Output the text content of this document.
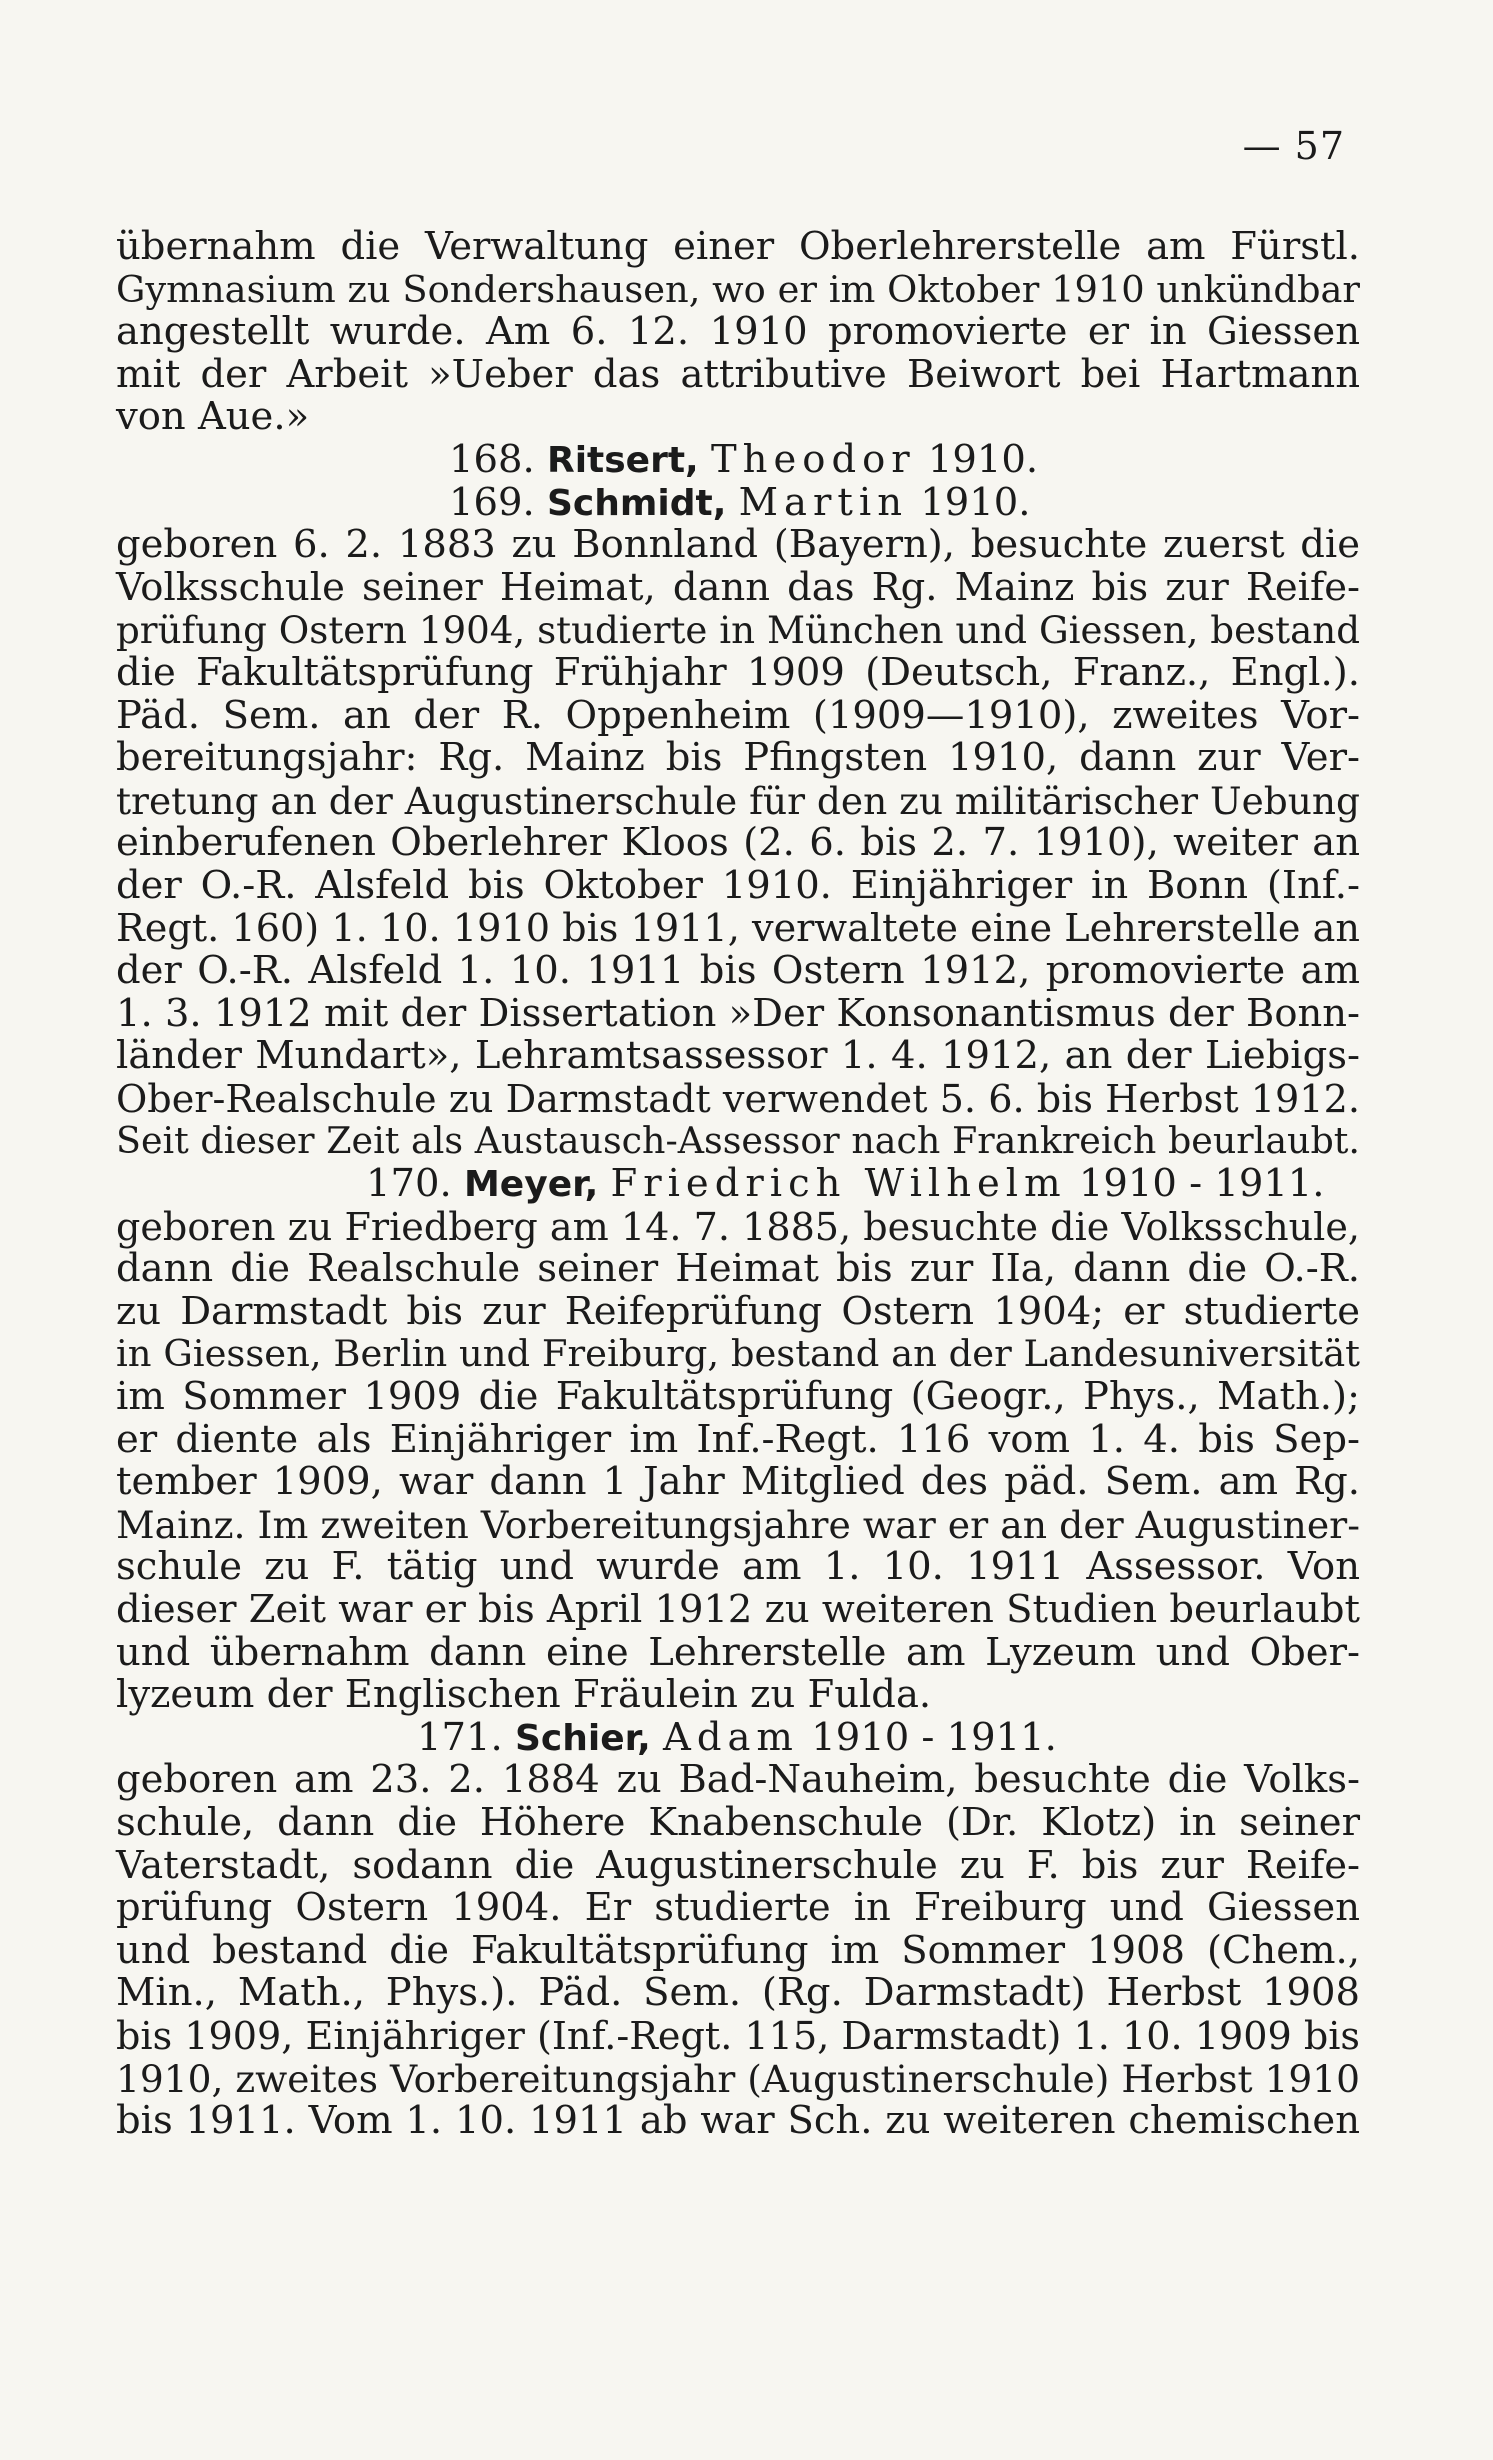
— 57
übernahm die Verwaltung einer Oberlehrerstelle am Fürstl.
Gymnasium zu Sondershausen, wo er im Oktober 1910 unkündbar
angestellt wurde. Am 6. 12. 1910 promovierte er in Giessen
mit der Arbeit »Ueber das attributive Beiwort bei Hartmann
von Aue.»
168. Ritsert, Theodor 1910.
169. Schmidt, Martin 1910.
geboren 6. 2. 1883 zu Bonnland (Bayern), besuchte zuerst die
Volksschule seiner Heimat, dann das Rg. Mainz bis zur Reife-
prüfung Ostern 1904, studierte in München und Giessen, bestand
die Fakultätsprüfung Frühjahr 1909 (Deutsch, Franz., Engl.).
Päd. Sem. an der R. Oppenheim (1909—1910), zweites Vor-
bereitungsjahr: Rg. Mainz bis Pfingsten 1910, dann zur Ver-
tretung an der Augustinerschule für den zu militärischer Uebung
einberufenen Oberlehrer Kloos (2. 6. bis 2. 7. 1910), weiter an
der O.-R. Alsfeld bis Oktober 1910. Einjähriger in Bonn (Inf.-
Regt. 160) 1. 10. 1910 bis 1911, verwaltete eine Lehrerstelle an
der O.-R. Alsfeld 1. 10. 1911 bis Ostern 1912, promovierte am
1. 3. 1912 mit der Dissertation »Der Konsonantismus der Bonn-
länder Mundart», Lehramtsassessor 1. 4. 1912, an der Liebigs-
Ober-Realschule zu Darmstadt verwendet 5. 6. bis Herbst 1912.
Seit dieser Zeit als Austausch-Assessor nach Frankreich beurlaubt.
170. Meyer, Friedrich Wilhelm 1910 - 1911.
geboren zu Friedberg am 14. 7. 1885, besuchte die Volksschule,
dann die Realschule seiner Heimat bis zur IIa, dann die O.-R.
zu Darmstadt bis zur Reifeprüfung Ostern 1904; er studierte
in Giessen, Berlin und Freiburg, bestand an der Landesuniversität
im Sommer 1909 die Fakultätsprüfung (Geogr., Phys., Math.);
er diente als Einjähriger im Inf.-Regt. 116 vom 1. 4. bis Sep-
tember 1909, war dann 1 Jahr Mitglied des päd. Sem. am Rg.
Mainz. Im zweiten Vorbereitungsjahre war er an der Augustiner-
schule zu F. tätig und wurde am 1. 10. 1911 Assessor. Von
dieser Zeit war er bis April 1912 zu weiteren Studien beurlaubt
und übernahm dann eine Lehrerstelle am Lyzeum und Ober-
lyzeum der Englischen Fräulein zu Fulda.
171. Schier, Adam 1910 - 1911.
geboren am 23. 2. 1884 zu Bad-Nauheim, besuchte die Volks-
schule, dann die Höhere Knabenschule (Dr. Klotz) in seiner
Vaterstadt, sodann die Augustinerschule zu F. bis zur Reife-
prüfung Ostern 1904. Er studierte in Freiburg und Giessen
und bestand die Fakultätsprüfung im Sommer 1908 (Chem.,
Min., Math., Phys.). Päd. Sem. (Rg. Darmstadt) Herbst 1908
bis 1909, Einjähriger (Inf.-Regt. 115, Darmstadt) 1. 10. 1909 bis
1910, zweites Vorbereitungsjahr (Augustinerschule) Herbst 1910
bis 1911. Vom 1. 10. 1911 ab war Sch. zu weiteren chemischen
